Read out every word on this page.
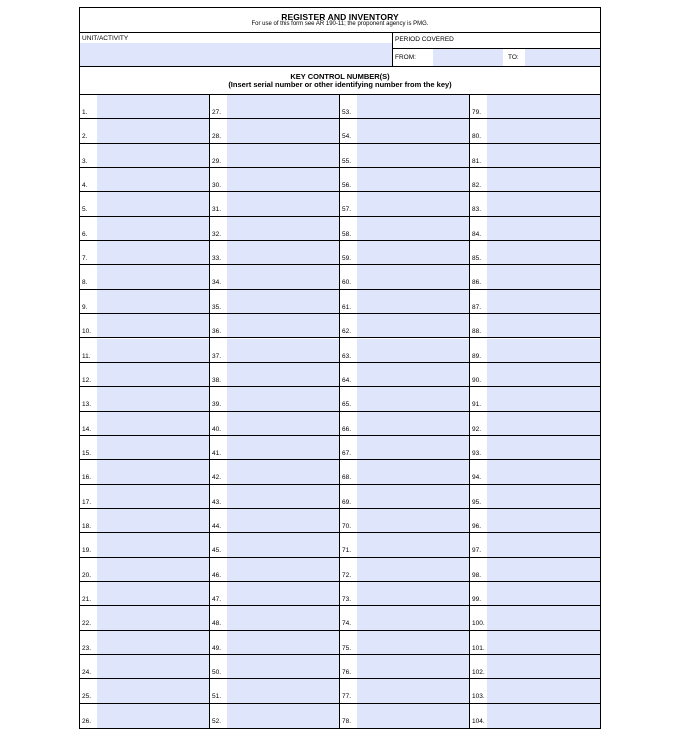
REGISTER AND INVENTORY
For use of this form see AR 190-11; the proponent agency is PMG.
UNIT/ACTIVITY	PERIOD COVERED
FROM:	TO:
KEY CONTROL NUMBER(S)
(Insert serial number or other identifying number from the key)
1.
2.
3.
4.
5.
6.
7.
8.
9.
10.
11.
12.
13.
14.
15.
16.
17.
18.
19.
20.
21.
22.
23.
24.
25.
26.
27.
28.
29.
30.
31.
32.
33.
34.
35.
36.
37.
38.
39.
40.
41.
42.
43.
44.
45.
46.
47.
48.
49.
50.
51.
52.
53.
54.
55.
56.
57.
58.
59.
60.
61.
62.
63.
64.
65.
66.
67.
68.
69.
70.
71.
72.
73.
74.
75.
76.
77.
78.
79.
80.
81.
82.
83.
84.
85.
86.
87.
88.
89.
90.
91.
92.
93.
94.
95.
96.
97.
98.
99.
100.
101.
102.
103.
104.
